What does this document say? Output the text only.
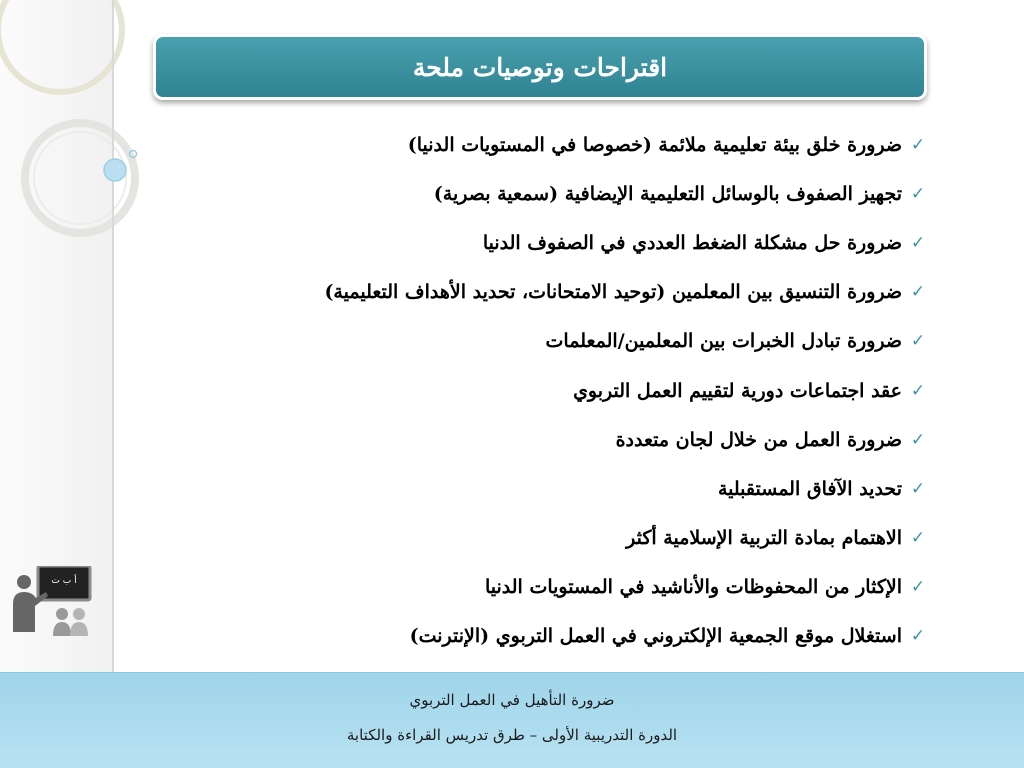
اقتراحات وتوصيات ملحة
✓
ضرورة خلق بيئة تعليمية ملائمة (خصوصا في المستويات الدنيا)
✓
تجهيز الصفوف بالوسائل التعليمية الإيضافية (سمعية بصرية)
✓
ضرورة حل مشكلة الضغط العددي في الصفوف الدنيا
✓
ضرورة التنسيق بين المعلمين (توحيد الامتحانات، تحديد الأهداف التعليمية)
✓
ضرورة تبادل الخبرات بين المعلمين/المعلمات
✓
عقد اجتماعات دورية لتقييم العمل التربوي
✓
ضرورة العمل من خلال لجان متعددة
✓
تحديد الآفاق المستقبلية
✓
الاهتمام بمادة التربية الإسلامية أكثر
✓
الإكثار من المحفوظات والأناشيد في المستويات الدنيا
✓
استغلال موقع الجمعية الإلكتروني في العمل التربوي (الإنترنت)
أ ب ت
ضرورة التأهيل في العمل التربوي
الدورة التدريبية الأولى – طرق تدريس القراءة والكتابة
